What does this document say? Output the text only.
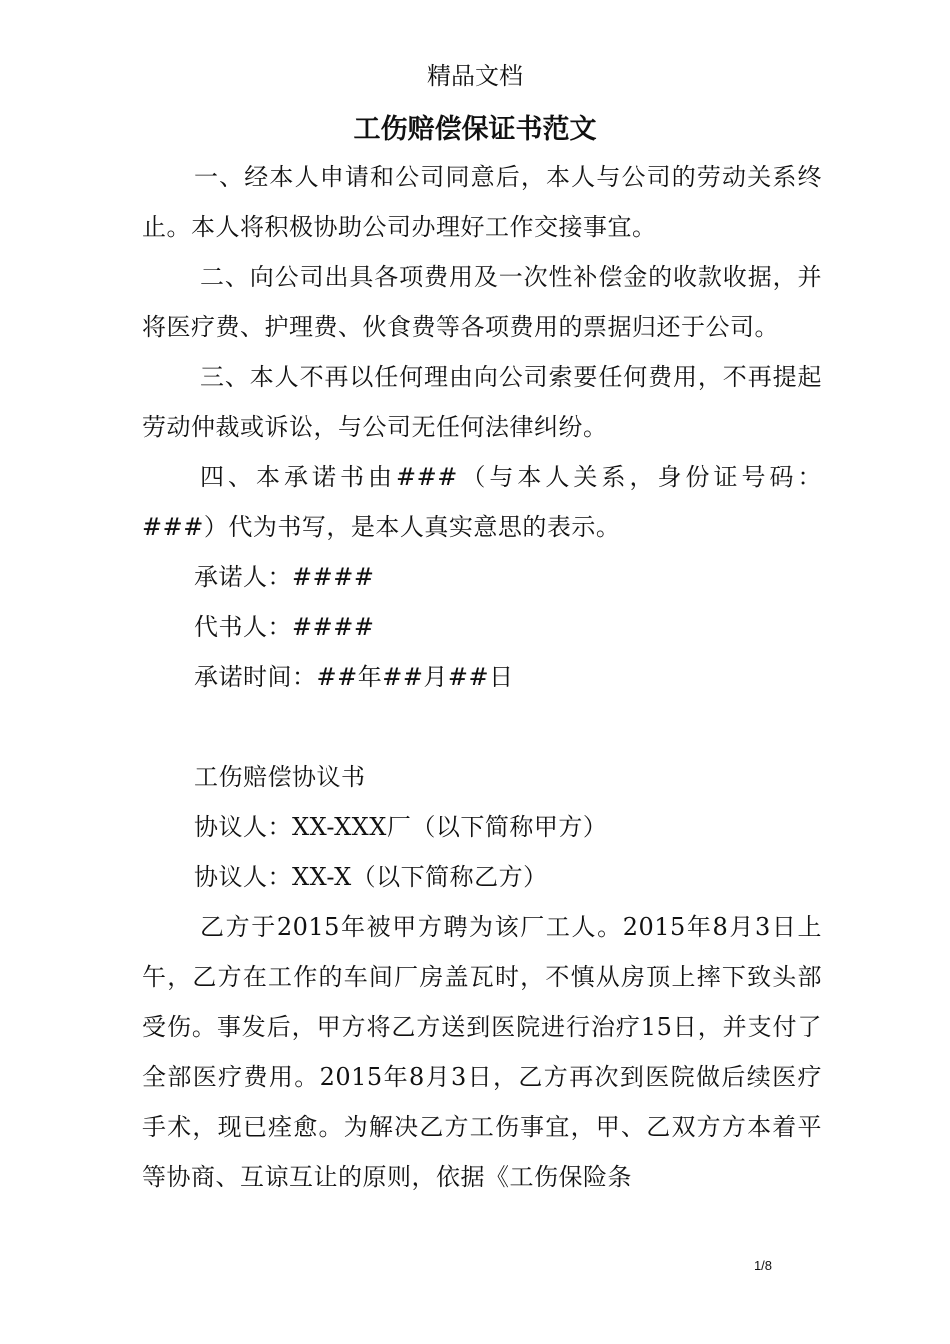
精品文档
工伤赔偿保证书范文

一、经本人申请和公司同意后，本人与公司的劳动关系终止。本人将积极协助公司办理好工作交接事宜。

二、向公司出具各项费用及一次性补偿金的收款收据，并将医疗费、护理费、伙食费等各项费用的票据归还于公司。

三、本人不再以任何理由向公司索要任何费用，不再提起劳动仲裁或诉讼，与公司无任何法律纠纷。

四、本承诺书由###（与本人关系，身份证号码：###）代为书写，是本人真实意思的表示。

承诺人：####

代书人：####

承诺时间：##年##月##日

工伤赔偿协议书

协议人：XX-XXX厂（以下简称甲方）

协议人：XX-X（以下简称乙方）

乙方于2015年被甲方聘为该厂工人。2015年8月3日上午，乙方在工作的车间厂房盖瓦时，不慎从房顶上摔下致头部受伤。事发后，甲方将乙方送到医院进行治疗15日，并支付了全部医疗费用。2015年8月3日，乙方再次到医院做后续医疗手术，现已痊愈。为解决乙方工伤事宜，甲、乙双方方本着平等协商、互谅互让的原则，依据《工伤保险条

1/8
